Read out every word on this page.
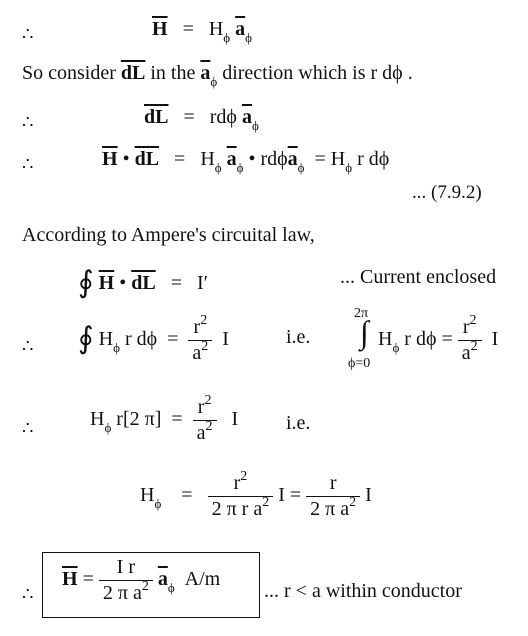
∴	$\overline{H} = H_\phi$ $\overline{a}_\phi$
So consider $\overline{dL}$ in the $\overline{a}_\phi$ direction which is r dϕ .
∴	$\overline{dL} = rd\phi$ $\overline{a}_\phi$
∴	$\overline{H}$ • $\overline{dL} = H_\phi$ $\overline{a}_\phi$ • $rd\phi\overline{a}_\phi = H_\phi$ r dϕ
... (7.9.2)
According to Ampere's circuital law,
∮ $\overline{H}$ • $\overline{dL} = I'$	... Current enclosed
∴ ∮ $H_\phi$ r $d\phi = \frac{r^2}{a^2}$ I	i.e.
2π
∫
ϕ=0
$H_\phi$ r $d\phi = \frac{r^2}{a^2}$ I
∴	$H_\phi$ r[2 $\pi] = \frac{r^2}{a^2}$ I i.e.
$H_\phi = \frac{r^2}{2 \pi r a^2}$ $I = \frac{r}{2 \pi a^2}$ I
∴
$\overline{H} = \frac{\text{I r}}{2 \pi a^2} \overline{a}_\phi$ A/m
... r < a within conductor
